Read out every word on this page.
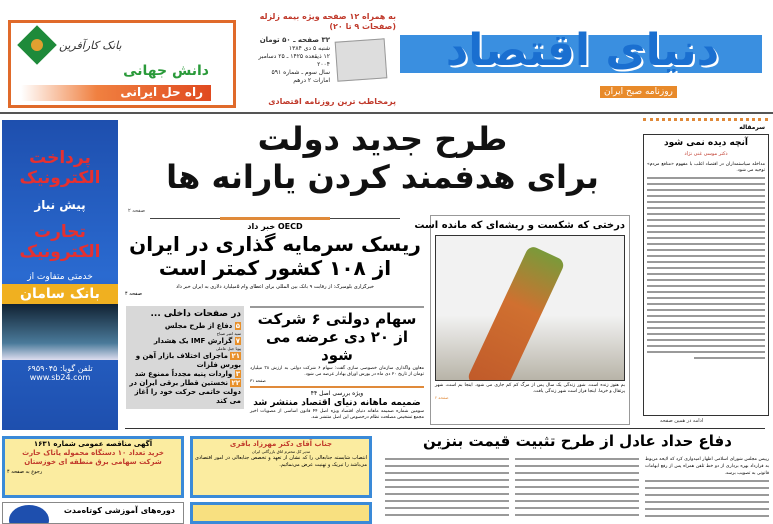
بانک کارآفرین
دانش جهانی
راه حل ایرانی
به همراه ۱۲ صفحه ویژه بیمه زلزله (صفحات ۹ تا ۲۰)
۳۲ صفحه ـ ۵۰ تومان
شنبه ۵ دی ۱۳۸۴
۱۲ ذیقعده ۱۴۲۵ ـ ۲۵ دسامبر ۲۰۰۴
سال سوم ـ شماره ۵۹۱
امارات ۲ درهم
دنیای اقتصاد
روزنامه صبح ایران
پرمخاطب ترین روزنامه اقتصادی
پرداخت الکترونیک
پیش نیاز
تجارت الکترونیک
خدمتی متفاوت از
بانک سامان
تلفن گویا: ۶۹۵۹۰۴۵
www.sb24.com
طرح جدید دولت
برای هدفمند کردن یارانه ها
صفحه ۲
OECD خبر داد
ریسک سرمایه گذاری در ایران
از ۱۰۸ کشور کمتر است
خبرگزاری بلومبرگ: از رقابت ۹ بانک بین المللی برای اعطای وام ۵میلیارد دلاری به ایران خبر داد
صفحه ۴
در صفحات داخلی ...
۵ دفاع از طرح مجلس
سید امیر صباح
۷ گزارش IMF یک هشدار
پویا جبل عاملی
۲۱ ماجرای اختلاف بازار آهن و بورس فلزات
۳ واردات پنبه مجدداً ممنوع شد
۲۲ نخستین قطار برقی ایران در دولت خاتمی حرکت خود را آغاز می کند
سهام دولتی ۶ شرکت
از ۲۰ دی عرضه می شود
معاون واگذاری سازمان خصوصی سازی گفت: سهام ۶ شرکت دولتی به ارزش ۳۸ میلیارد تومان از تاریخ ۲۰ دی ماه در بورس اوراق بهادار عرضه می شود.
صفحه ۳۱
ویژه بررسی اصل ۴۴
ضمیمه ماهانه دنیای اقتصاد منتشر شد
سومین شماره ضمیمه ماهانه دنیای اقتصاد ویژه اصل ۴۴ قانون اساسی از مصوبات اخیر مجمع تشخیص مصلحت نظام درخصوص این اصل منتشر شد.
درختی که شکست و ریشه‌ای که مانده است
بم هنوز زنده است. شور زندگی یک سال پس از مرگ کم کم جاری می شود. اینجا بم است، شهر پرتقال و خرما. اینجا فراز است شهر زندگی یافت.
صفحه ۲
سرمقاله
آنچه دیده نمی شود
دکتر موسی غنی نژاد
مداخله سیاستمداران در اقتصاد اغلب با مفهوم «منافع مردم» توجیه می شود.
ادامه در همین صفحه
آگهی مناقصه عمومی شماره ۱۶۳۱
خرید تعداد ۱۰ دستگاه محموله یاتاک حارث
شرکت سهامی برق منطقه ای خوزستان
رجوع به صفحه ۴
جناب آقای دکتر مهرزاد باقری
مدیر کل محترم اتاق بازرگانی ایران
انتصاب شایسته جنابعالی را که نشان از تعهد و تخصص جنابعالی در امور اقتصادی می‌باشد را تبریک و تهنیت عرض می‌نمائیم.
دوره‌های آموزشی کوتاه‌مدت
دفاع حداد عادل از طرح تثبیت قیمت بنزین
رییس مجلس شورای اسلامی اظهار امیدواری کرد که لایحه مربوط به قرارداد بهره برداری از دو خط تلفن همراه پس از رفع ابهامات قانونی به تصویب برسد.
